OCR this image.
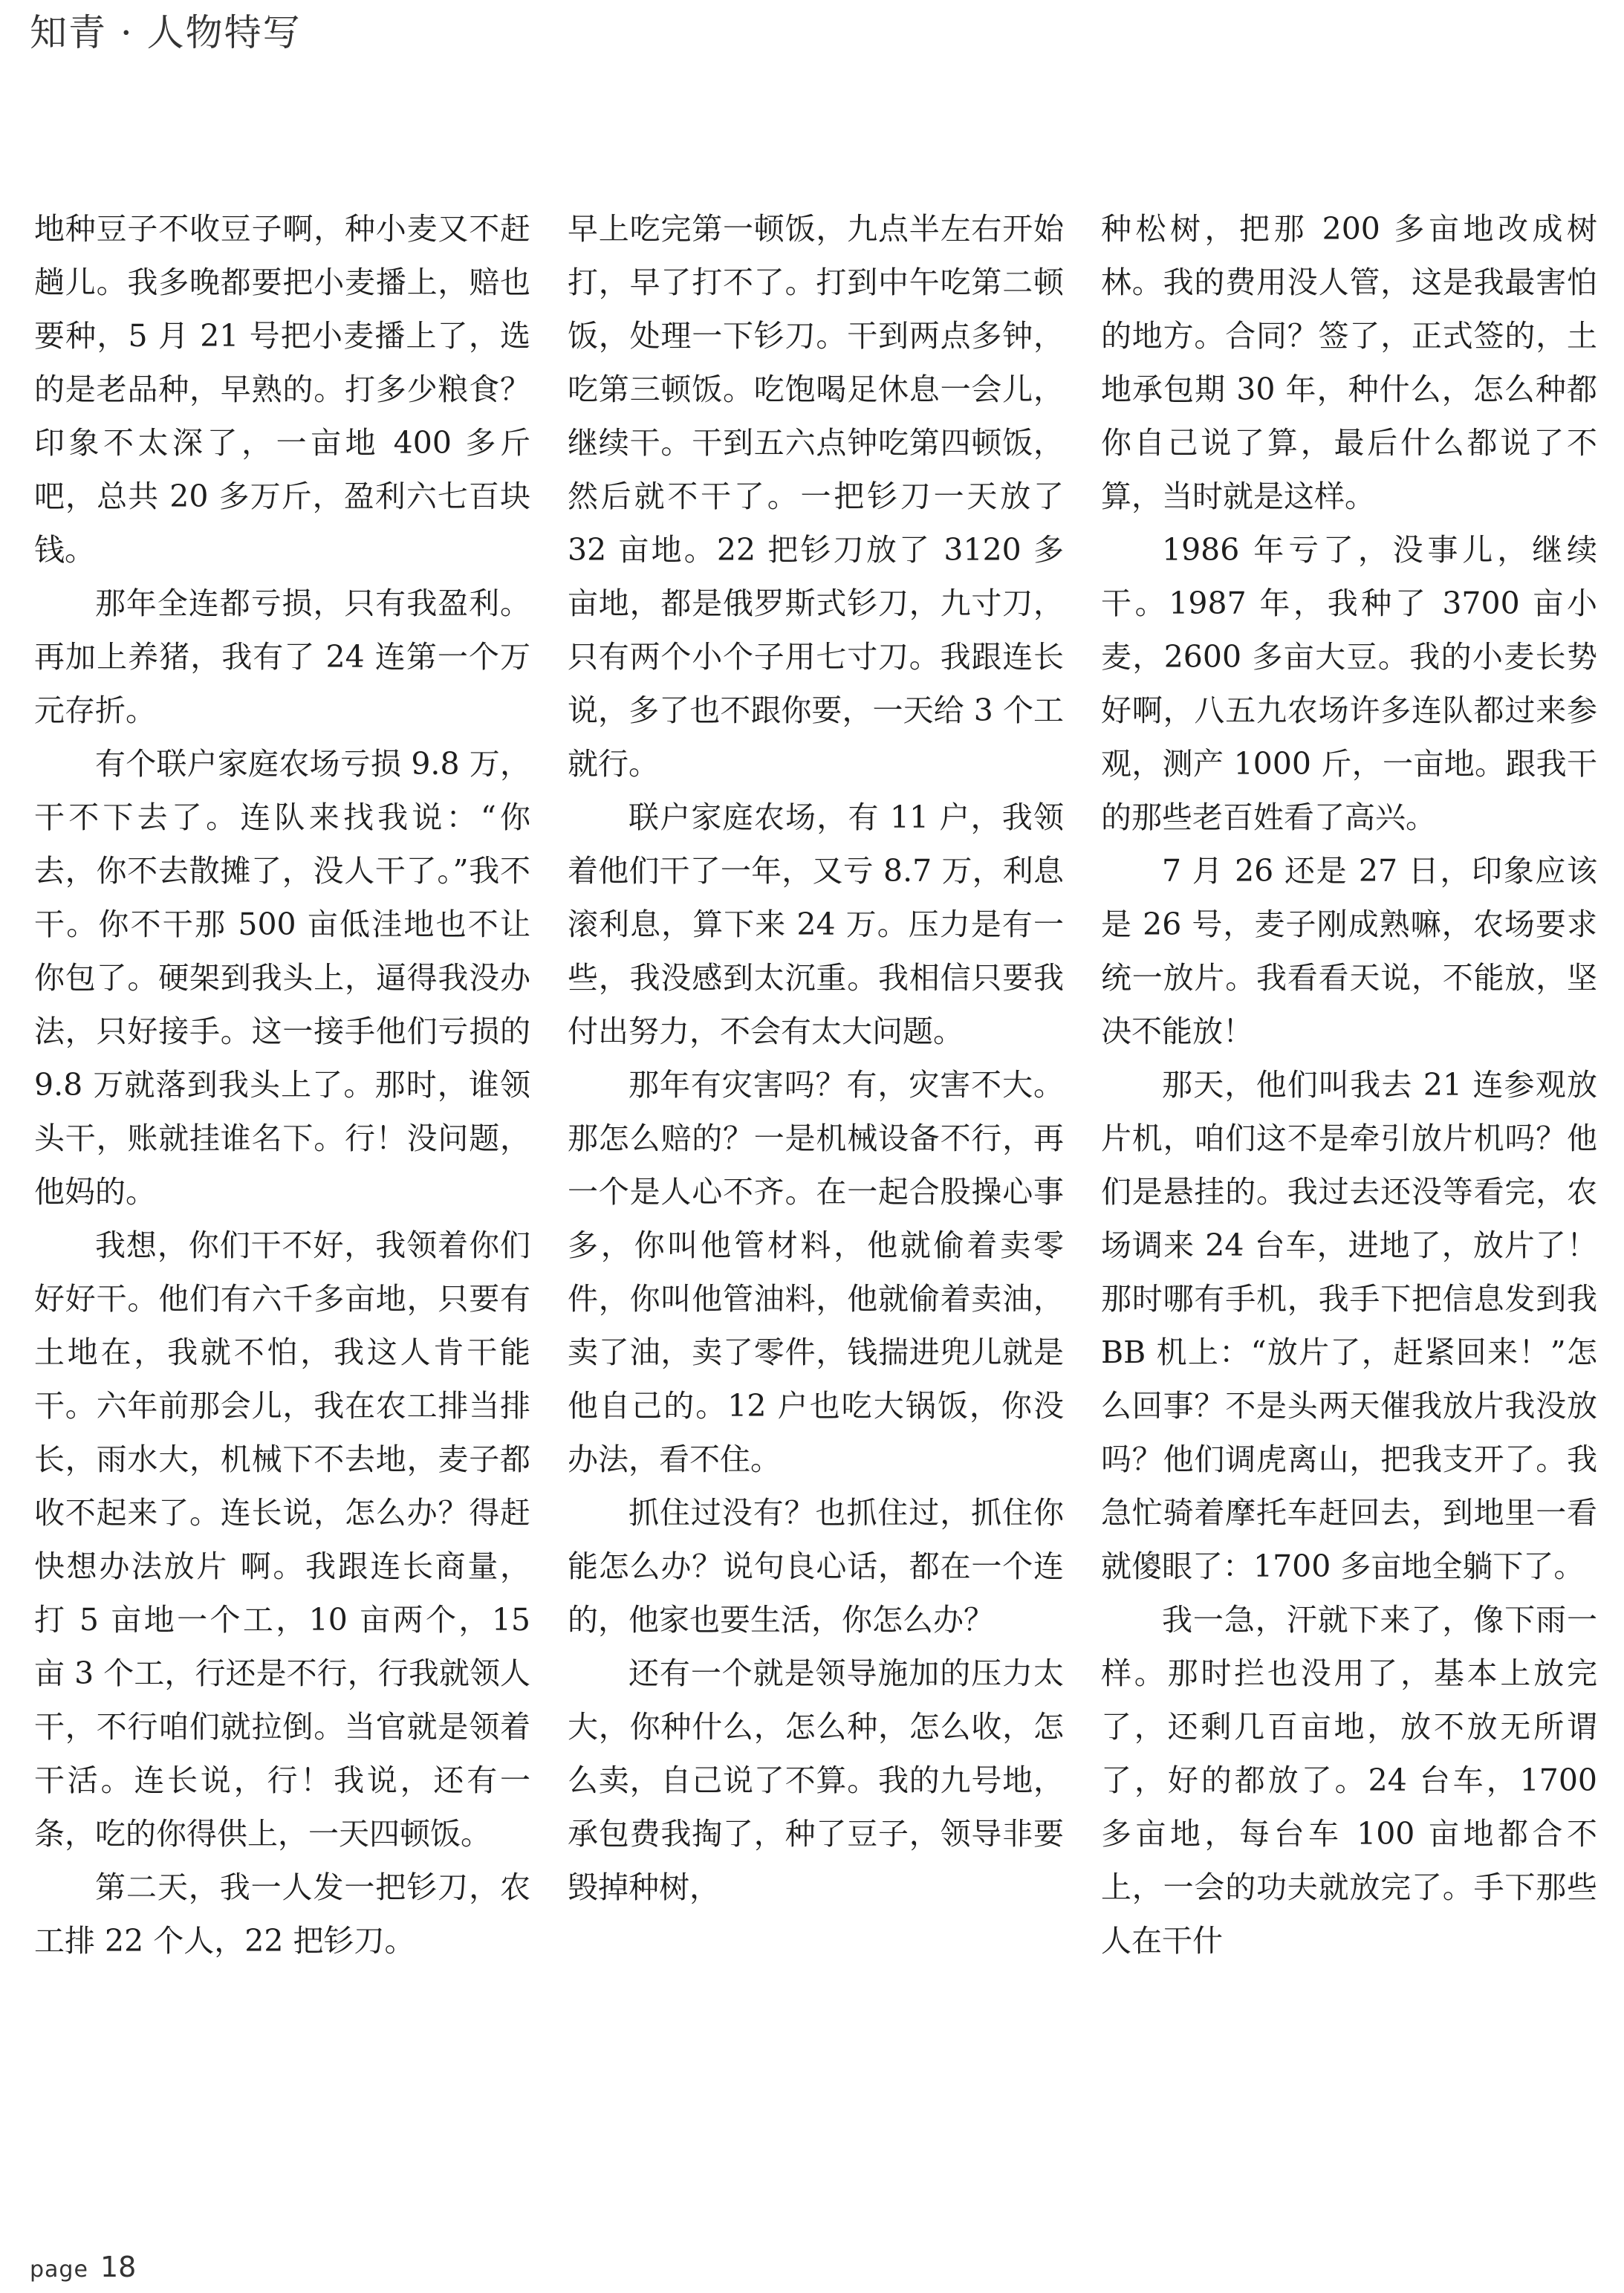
知青 · 人物特写

地种豆子不收豆子啊，种小麦又不赶趟儿。我多晚都要把小麦播上，赔也要种，5 月 21 号把小麦播上了，选的是老品种，早熟的。打多少粮食？印象不太深了，一亩地 400 多斤吧，总共 20 多万斤，盈利六七百块钱。

那年全连都亏损，只有我盈利。再加上养猪，我有了 24 连第一个万元存折。

有个联户家庭农场亏损 9.8 万，干不下去了。连队来找我说：“你去，你不去散摊了，没人干了。”我不干。你不干那 500 亩低洼地也不让你包了。硬架到我头上，逼得我没办法，只好接手。这一接手他们亏损的 9.8 万就落到我头上了。那时，谁领头干，账就挂谁名下。行！没问题，他妈的。

我想，你们干不好，我领着你们好好干。他们有六千多亩地，只要有土地在，我就不怕，我这人肯干能干。六年前那会儿，我在农工排当排长，雨水大，机械下不去地，麦子都收不起来了。连长说，怎么办？得赶快想办法放片 啊。我跟连长商量，打 5 亩地一个工，10 亩两个，15 亩 3 个工，行还是不行，行我就领人干，不行咱们就拉倒。当官就是领着干活。连长说，行！我说，还有一条，吃的你得供上，一天四顿饭。

第二天，我一人发一把钐刀，农工排 22 个人，22 把钐刀。

早上吃完第一顿饭，九点半左右开始打，早了打不了。打到中午吃第二顿饭，处理一下钐刀。干到两点多钟，吃第三顿饭。吃饱喝足休息一会儿，继续干。干到五六点钟吃第四顿饭，然后就不干了。一把钐刀一天放了 32 亩地。22 把钐刀放了 3120 多亩地，都是俄罗斯式钐刀，九寸刀，只有两个小个子用七寸刀。我跟连长说，多了也不跟你要，一天给 3 个工就行。

联户家庭农场，有 11 户，我领着他们干了一年，又亏 8.7 万，利息滚利息，算下来 24 万。压力是有一些，我没感到太沉重。我相信只要我付出努力，不会有太大问题。

那年有灾害吗？有，灾害不大。那怎么赔的？一是机械设备不行，再一个是人心不齐。在一起合股操心事多，你叫他管材料，他就偷着卖零件，你叫他管油料，他就偷着卖油，卖了油，卖了零件，钱揣进兜儿就是他自己的。12 户也吃大锅饭，你没办法，看不住。

抓住过没有？也抓住过，抓住你能怎么办？说句良心话，都在一个连的，他家也要生活，你怎么办？

还有一个就是领导施加的压力太大，你种什么，怎么种，怎么收，怎么卖，自己说了不算。我的九号地，承包费我掏了，种了豆子，领导非要毁掉种树，

种松树，把那 200 多亩地改成树林。我的费用没人管，这是我最害怕的地方。合同？签了，正式签的，土地承包期 30 年，种什么，怎么种都你自己说了算，最后什么都说了不算，当时就是这样。

1986 年亏了，没事儿，继续干。1987 年，我种了 3700 亩小麦，2600 多亩大豆。我的小麦长势好啊，八五九农场许多连队都过来参观，测产 1000 斤，一亩地。跟我干的那些老百姓看了高兴。

7 月 26 还是 27 日，印象应该是 26 号，麦子刚成熟嘛，农场要求统一放片。我看看天说，不能放，坚决不能放！

那天，他们叫我去 21 连参观放片机，咱们这不是牵引放片机吗？他们是悬挂的。我过去还没等看完，农场调来 24 台车，进地了，放片了！那时哪有手机，我手下把信息发到我 BB 机上：“放片了，赶紧回来！”怎么回事？不是头两天催我放片我没放吗？他们调虎离山，把我支开了。我急忙骑着摩托车赶回去，到地里一看就傻眼了：1700 多亩地全躺下了。

我一急，汗就下来了，像下雨一样。那时拦也没用了，基本上放完了，还剩几百亩地，放不放无所谓了，好的都放了。24 台车，1700 多亩地，每台车 100 亩地都合不上，一会的功夫就放完了。手下那些人在干什

page 18
